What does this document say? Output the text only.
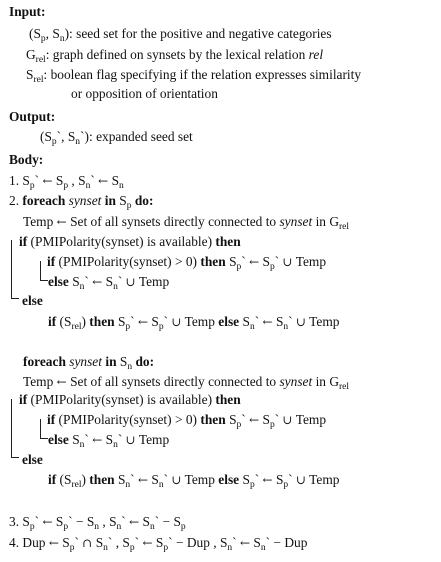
Input:
($S_p$, $S_n$): seed set for the positive and negative categories
$G_{rel}$: graph defined on synsets by the lexical relation rel
$S_{rel}$: boolean flag specifying if the relation expresses similarity
or opposition of orientation
Output:
($S_p`$, $S_n`$): expanded seed set
Body:
1. $S_p`$ ← $S_p$ , $S_n`$ ← $S_n$
2. foreach synset in $S_p$ do:
Temp ← Set of all synsets directly connected to synset in $G_{rel}$
if (PMIPolarity(synset) is available) then
if (PMIPolarity(synset) > 0) then $S_p`$ ← $S_p`$ ∪ Temp
else $S_n`$ ← $S_n`$ ∪ Temp
else
if $(S_{rel})$ then $S_p`$ ← $S_p`$ ∪ Temp else $S_n`$ ← $S_n`$ ∪ Temp
foreach synset in $S_n$ do:
Temp ← Set of all synsets directly connected to synset in $G_{rel}$
if (PMIPolarity(synset) is available) then
if (PMIPolarity(synset) > 0) then $S_p`$ ← $S_p`$ ∪ Temp
else $S_n`$ ← $S_n`$ ∪ Temp
else
if $(S_{rel})$ then $S_n`$ ← $S_n`$ ∪ Temp else $S_p`$ ← $S_p`$ ∪ Temp
3. $S_p`$ ← $S_p` - S_n$ , $S_n`$ ← $S_n` - S_p$
4. Dup ← $S_p`$ ∩ $S_n`$ , $S_p`$ ← $S_p`$ − Dup , $S_n`$ ← $S_n`$ − Dup
